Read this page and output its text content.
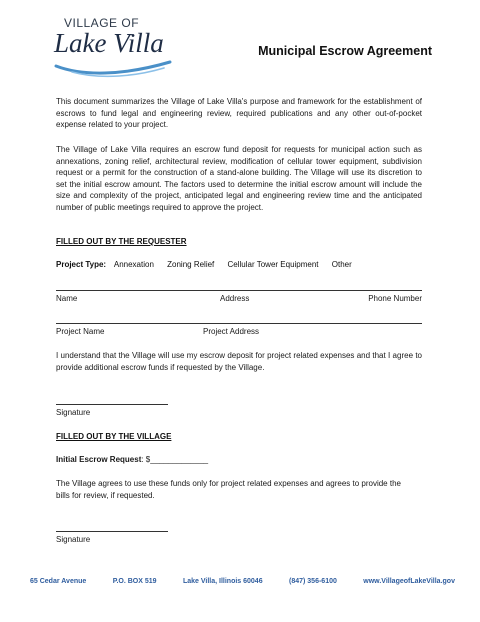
VILLAGE OF
Lake Villa	Municipal Escrow Agreement
This document summarizes the Village of Lake Villa's purpose and framework for the establishment of escrows to fund legal and engineering review, required publications and any other out-of-pocket expense related to your project.
The Village of Lake Villa requires an escrow fund deposit for requests for municipal action such as annexations, zoning relief, architectural review, modification of cellular tower equipment, subdivision request or a permit for the construction of a stand-alone building. The Village will use its discretion to set the initial escrow amount. The factors used to determine the initial escrow amount will include the size and complexity of the project, anticipated legal and engineering review time and the anticipated number of public meetings required to approve the project.
FILLED OUT BY THE REQUESTER
Project Type: Annexation Zoning Relief Cellular Tower Equipment Other
Name	Address	Phone Number
Project Name	Project Address
I understand that the Village will use my escrow deposit for project related expenses and that I agree to provide additional escrow funds if requested by the Village.
Signature
FILLED OUT BY THE VILLAGE
Initial Escrow Request: $_____________
The Village agrees to use these funds only for project related expenses and agrees to provide the bills for review, if requested.
Signature
65 Cedar Avenue	P.O. BOX 519	Lake Villa, Illinois 60046	(847) 356-6100	www.VillageofLakeVilla.gov
